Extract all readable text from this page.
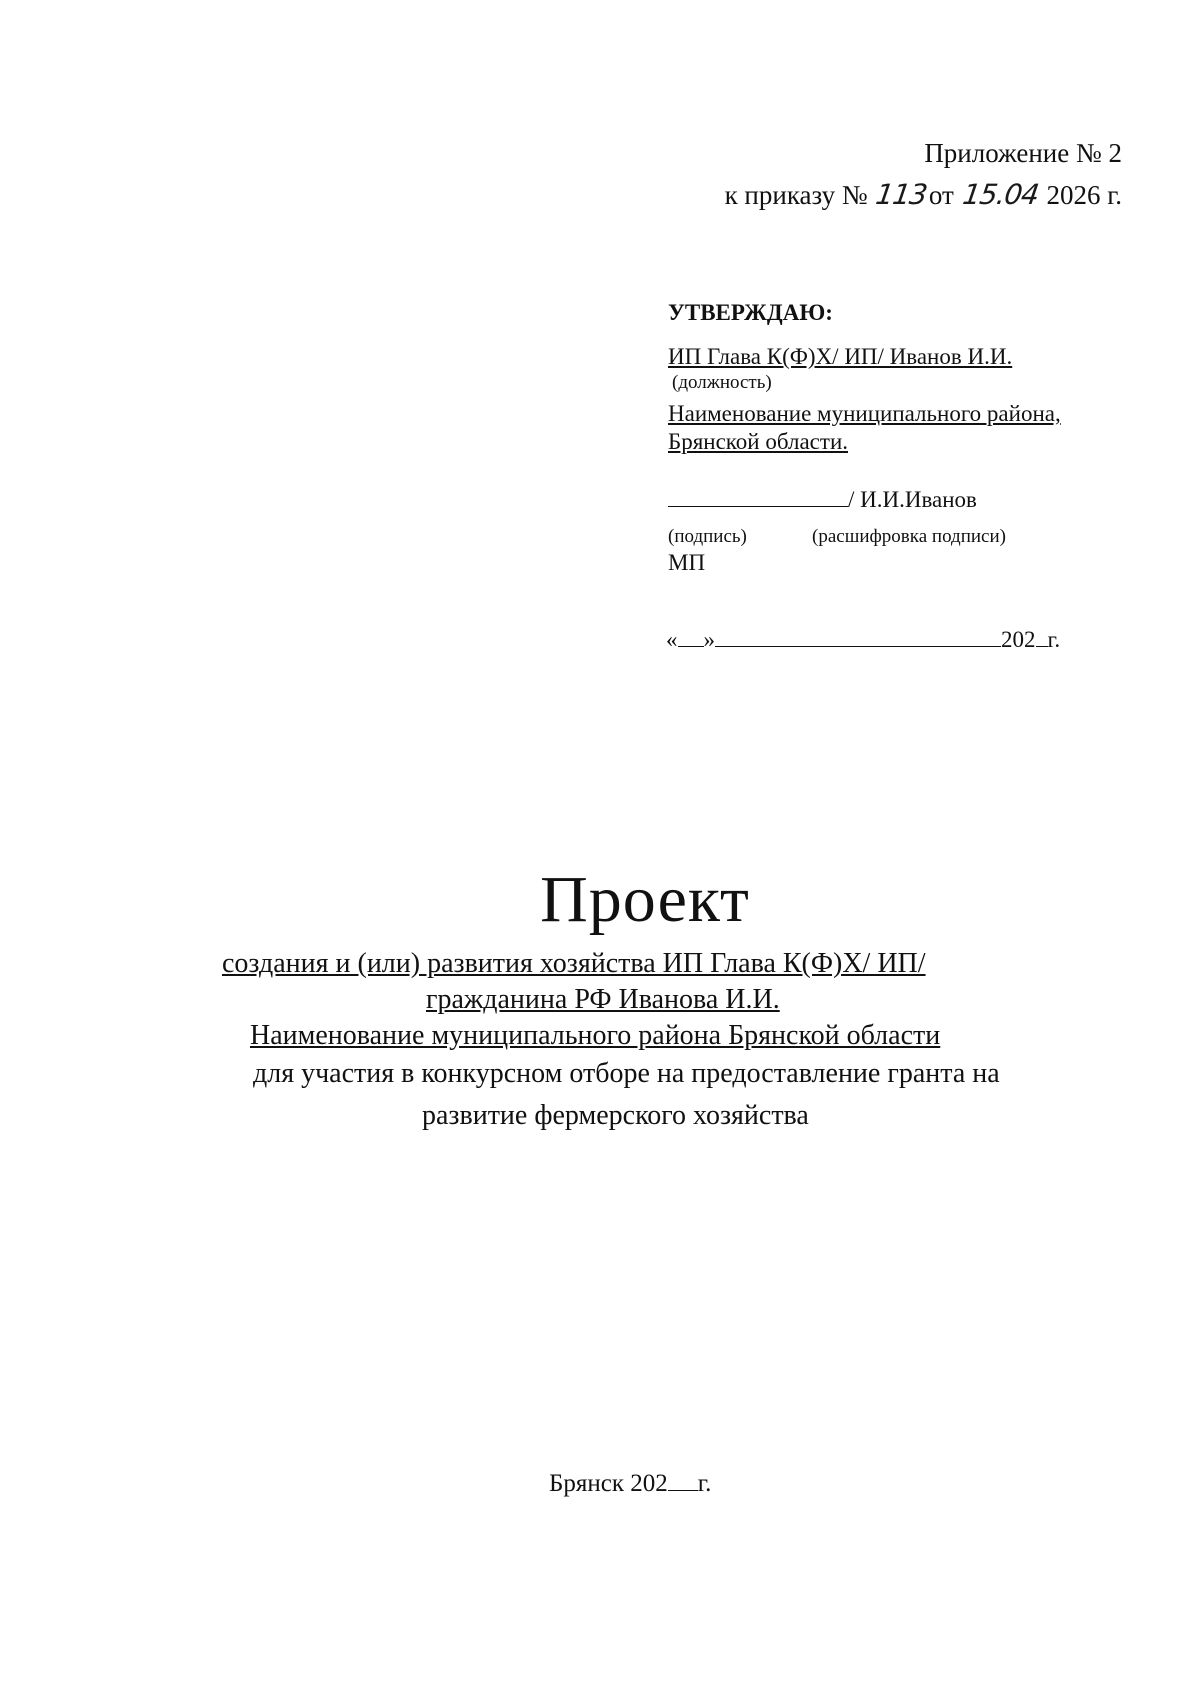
Приложение № 2
к приказу № 113от 15.04 2026 г.
УТВЕРЖДАЮ:
ИП Глава К(Ф)Х/ ИП/ Иванов И.И.
(должность)
Наименование муниципального района,
Брянской области.
/ И.И.Иванов
(подпись)	(расшифровка подписи)
МП
« »	202 г.
Проект
создания и (или) развития хозяйства ИП Глава К(Ф)Х/ ИП/
гражданина РФ Иванова И.И.
Наименование муниципального района Брянской области
для участия в конкурсном отборе на предоставление гранта на
развитие фермерского хозяйства
Брянск 202 г.
